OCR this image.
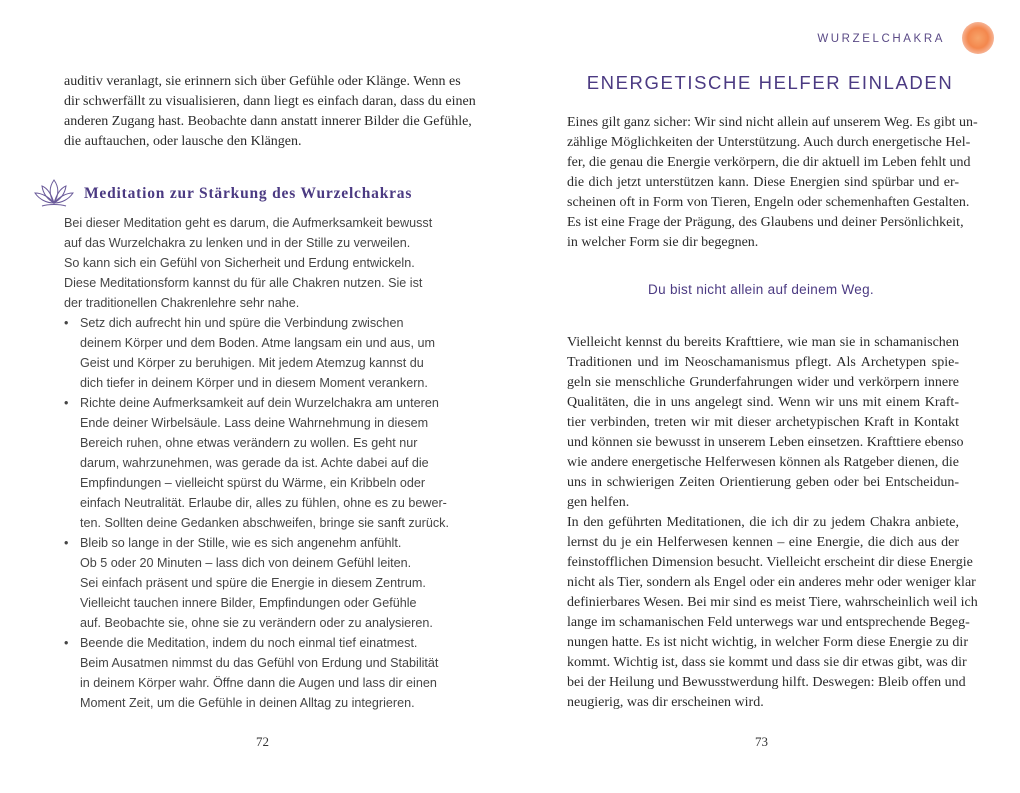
auditiv veranlagt, sie erinnern sich über Gefühle oder Klänge. Wenn es
dir schwerfällt zu visualisieren, dann liegt es einfach daran, dass du einen
anderen Zugang hast. Beobachte dann anstatt innerer Bilder die Gefühle,
die auftauchen, oder lausche den Klängen.
Meditation zur Stärkung des Wurzelchakras
Bei dieser Meditation geht es darum, die Aufmerksamkeit bewusst
auf das Wurzelchakra zu lenken und in der Stille zu verweilen.
So kann sich ein Gefühl von Sicherheit und Erdung entwickeln.
Diese Meditationsform kannst du für alle Chakren nutzen. Sie ist
der traditionellen Chakrenlehre sehr nahe.
• Setz dich aufrecht hin und spüre die Verbindung zwischen
deinem Körper und dem Boden. Atme langsam ein und aus, um
Geist und Körper zu beruhigen. Mit jedem Atemzug kannst du
dich tiefer in deinem Körper und in diesem Moment verankern.
• Richte deine Aufmerksamkeit auf dein Wurzelchakra am unteren
Ende deiner Wirbelsäule. Lass deine Wahrnehmung in diesem
Bereich ruhen, ohne etwas verändern zu wollen. Es geht nur
darum, wahrzunehmen, was gerade da ist. Achte dabei auf die
Empfindungen – vielleicht spürst du Wärme, ein Kribbeln oder
einfach Neutralität. Erlaube dir, alles zu fühlen, ohne es zu bewer-
ten. Sollten deine Gedanken abschweifen, bringe sie sanft zurück.
• Bleib so lange in der Stille, wie es sich angenehm anfühlt.
Ob 5 oder 20 Minuten – lass dich von deinem Gefühl leiten.
Sei einfach präsent und spüre die Energie in diesem Zentrum.
Vielleicht tauchen innere Bilder, Empfindungen oder Gefühle
auf. Beobachte sie, ohne sie zu verändern oder zu analysieren.
• Beende die Meditation, indem du noch einmal tief einatmest.
Beim Ausatmen nimmst du das Gefühl von Erdung und Stabilität
in deinem Körper wahr. Öffne dann die Augen und lass dir einen
Moment Zeit, um die Gefühle in deinen Alltag zu integrieren.
72
WURZELCHAKRA
ENERGETISCHE HELFER EINLADEN
Eines gilt ganz sicher: Wir sind nicht allein auf unserem Weg. Es gibt un-
zählige Möglichkeiten der Unterstützung. Auch durch energetische Hel-
fer, die genau die Energie verkörpern, die dir aktuell im Leben fehlt und
die dich jetzt unterstützen kann. Diese Energien sind spürbar und er-
scheinen oft in Form von Tieren, Engeln oder schemenhaften Gestalten.
Es ist eine Frage der Prägung, des Glaubens und deiner Persönlichkeit,
in welcher Form sie dir begegnen.
Du bist nicht allein auf deinem Weg.
Vielleicht kennst du bereits Krafttiere, wie man sie in schamanischen
Traditionen und im Neoschamanismus pflegt. Als Archetypen spie-
geln sie menschliche Grunderfahrungen wider und verkörpern innere
Qualitäten, die in uns angelegt sind. Wenn wir uns mit einem Kraft-
tier verbinden, treten wir mit dieser archetypischen Kraft in Kontakt
und können sie bewusst in unserem Leben einsetzen. Krafttiere ebenso
wie andere energetische Helferwesen können als Ratgeber dienen, die
uns in schwierigen Zeiten Orientierung geben oder bei Entscheidun-
gen helfen.
In den geführten Meditationen, die ich dir zu jedem Chakra anbiete,
lernst du je ein Helferwesen kennen – eine Energie, die dich aus der
feinstofflichen Dimension besucht. Vielleicht erscheint dir diese Energie
nicht als Tier, sondern als Engel oder ein anderes mehr oder weniger klar
definierbares Wesen. Bei mir sind es meist Tiere, wahrscheinlich weil ich
lange im schamanischen Feld unterwegs war und entsprechende Begeg-
nungen hatte. Es ist nicht wichtig, in welcher Form diese Energie zu dir
kommt. Wichtig ist, dass sie kommt und dass sie dir etwas gibt, was dir
bei der Heilung und Bewusstwerdung hilft. Deswegen: Bleib offen und
neugierig, was dir erscheinen wird.
73
